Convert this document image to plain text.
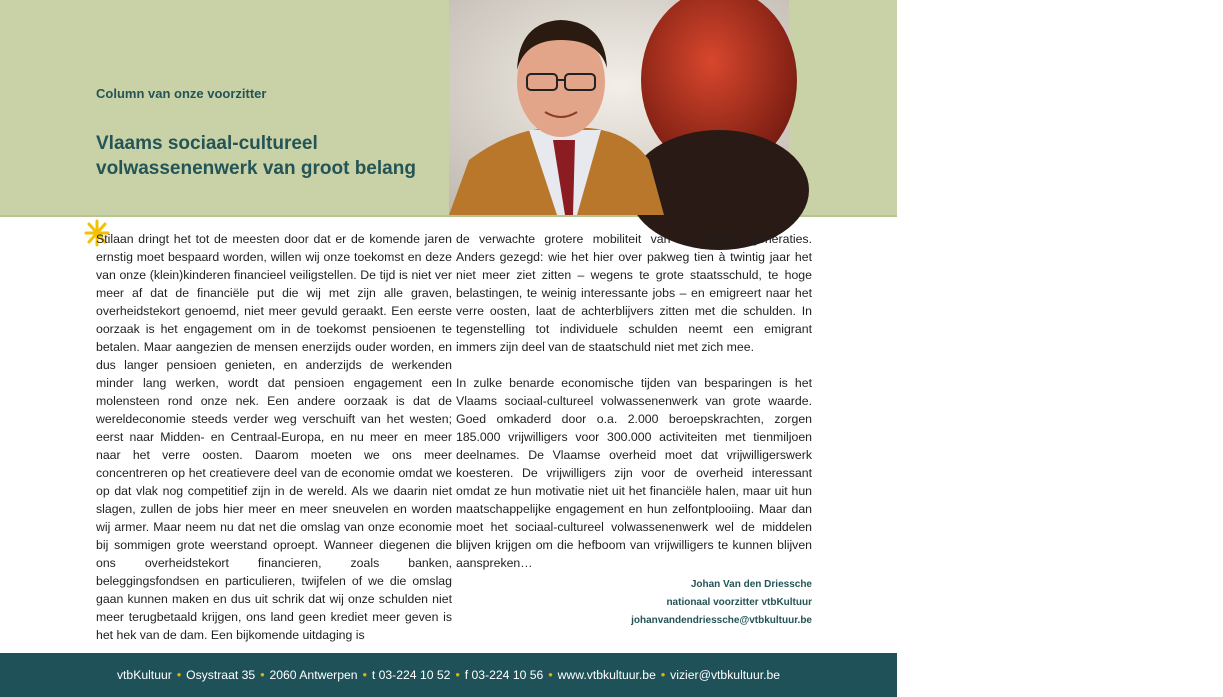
Column van onze voorzitter
Vlaams sociaal-cultureel volwassenenwerk van groot belang	© Alain De Stoop

Stilaan dringt het tot de meesten door dat er de komende jaren ernstig moet bespaard worden, willen wij onze toekomst en deze van onze (klein)kinderen financieel veiligstellen. De tijd is niet ver meer af dat de financiële put die wij met zijn alle graven, overheidstekort genoemd, niet meer gevuld geraakt. Een eerste oorzaak is het engagement om in de toekomst pensioenen te betalen. Maar aangezien de mensen enerzijds ouder worden, en dus langer pensioen genieten, en anderzijds de werkenden minder lang werken, wordt dat pensioen engagement een molensteen rond onze nek. Een andere oorzaak is dat de wereldeconomie steeds verder weg verschuift van het westen; eerst naar Midden- en Centraal-Europa, en nu meer en meer naar het verre oosten. Daarom moeten we ons meer concentreren op het creatievere deel van de economie omdat we op dat vlak nog competitief zijn in de wereld. Als we daarin niet slagen, zullen de jobs hier meer en meer sneuvelen en worden wij armer. Maar neem nu dat net die omslag van onze economie bij sommigen grote weerstand oproept. Wanneer diegenen die ons overheidstekort financieren, zoals banken, beleggingsfondsen en particulieren, twijfelen of we die omslag gaan kunnen maken en dus uit schrik dat wij onze schulden niet meer terugbetaald krijgen, ons land geen krediet meer geven is het hek van de dam. Een bijkomende uitdaging is

de verwachte grotere mobiliteit van de nieuwe generaties. Anders gezegd: wie het hier over pakweg tien à twintig jaar het niet meer ziet zitten – wegens te grote staatsschuld, te hoge belastingen, te weinig interessante jobs – en emigreert naar het verre oosten, laat de achterblijvers zitten met die schulden. In tegenstelling tot individuele schulden neemt een emigrant immers zijn deel van de staatschuld niet met zich mee.

In zulke benarde economische tijden van besparingen is het Vlaams sociaal-cultureel volwassenenwerk van grote waarde. Goed omkaderd door o.a. 2.000 beroepskrachten, zorgen 185.000 vrijwilligers voor 300.000 activiteiten met tienmiljoen deelnames. De Vlaamse overheid moet dat vrijwilligerswerk koesteren. De vrijwilligers zijn voor de overheid interessant omdat ze hun motivatie niet uit het financiële halen, maar uit hun maatschappelijke engagement en hun zelfontplooiing. Maar dan moet het sociaal-cultureel volwassenenwerk wel de middelen blijven krijgen om die hefboom van vrijwilligers te kunnen blijven aanspreken…

Johan Van den Driessche
nationaal voorzitter vtbKultuur
johanvandendriessche@vtbkultuur.be
vtbKultuur • Osystraat 35 • 2060 Antwerpen • t 03-224 10 52 • f 03-224 10 56 • www.vtbkultuur.be • vizier@vtbkultuur.be
